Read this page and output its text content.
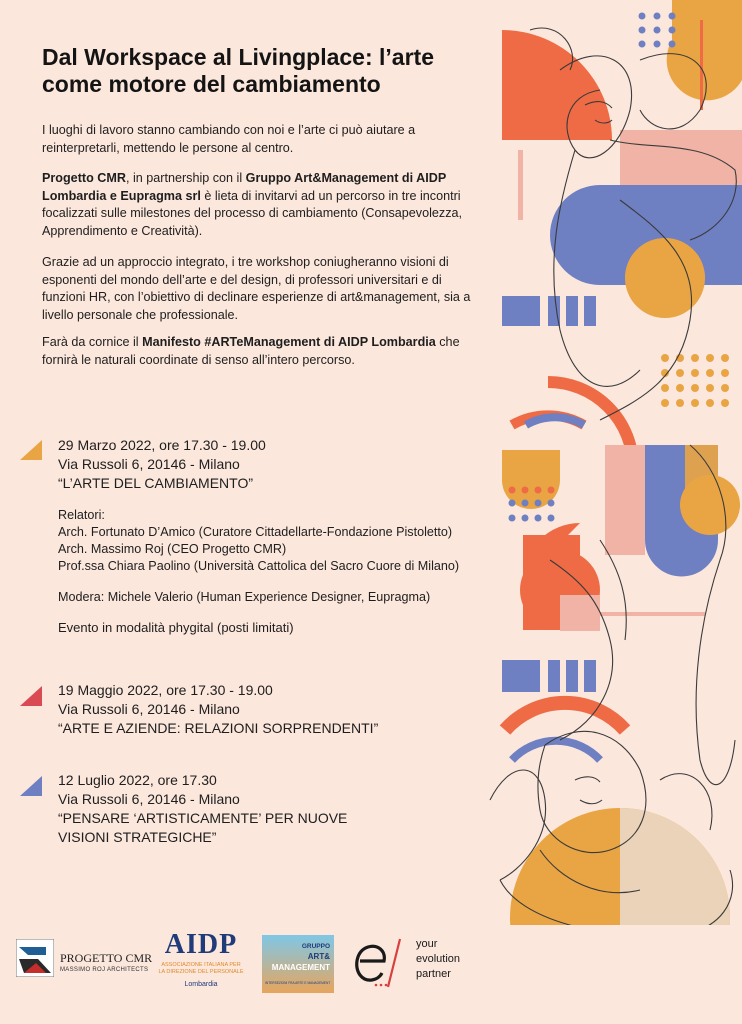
Dal Workspace al Livingplace: l’arte come motore del cambiamento

I luoghi di lavoro stanno cambiando con noi e l’arte ci può aiutare a reinterpretarli, mettendo le persone al centro.

Progetto CMR, in partnership con il Gruppo Art&Management di AIDP Lombardia e Eupragma srl è lieta di invitarvi ad un percorso in tre incontri focalizzati sulle milestones del processo di cambiamento (Consapevolezza, Apprendimento e Creatività).

Grazie ad un approccio integrato, i tre workshop coniugheranno visioni di esponenti del mondo dell’arte e del design, di professori universitari e di funzioni HR, con l’obiettivo di declinare esperienze di art&management, sia a livello personale che professionale.

Farà da cornice il Manifesto #ARTeManagement di AIDP Lombardia che fornirà le naturali coordinate di senso all’intero percorso.

29 Marzo 2022, ore 17.30 - 19.00
Via Russoli 6, 20146 - Milano
“L’ARTE DEL CAMBIAMENTO”
Relatori:
Arch. Fortunato D’Amico (Curatore Cittadellarte-Fondazione Pistoletto)
Arch. Massimo Roj (CEO Progetto CMR)
Prof.ssa Chiara Paolino (Università Cattolica del Sacro Cuore di Milano)
Modera: Michele Valerio (Human Experience Designer, Eupragma)
Evento in modalità phygital (posti limitati)
19 Maggio 2022, ore 17.30 - 19.00
Via Russoli 6, 20146 - Milano
“ARTE E AZIENDE: RELAZIONI SORPRENDENTI”
12 Luglio 2022, ore 17.30
Via Russoli 6, 20146 - Milano
“PENSARE ‘ARTISTICAMENTE’ PER NUOVE
VISIONI STRATEGICHE”
PROGETTO CMR
MASSIMO ROJ ARCHITECTS
AIDP
ASSOCIAZIONE ITALIANA PER
LA DIREZIONE DEL PERSONALE
Lombardia
GRUPPO
ART&
MANAGEMENT
INTERSEZIONI FRA ARTE E MANAGEMENT
your
evolution
partner
